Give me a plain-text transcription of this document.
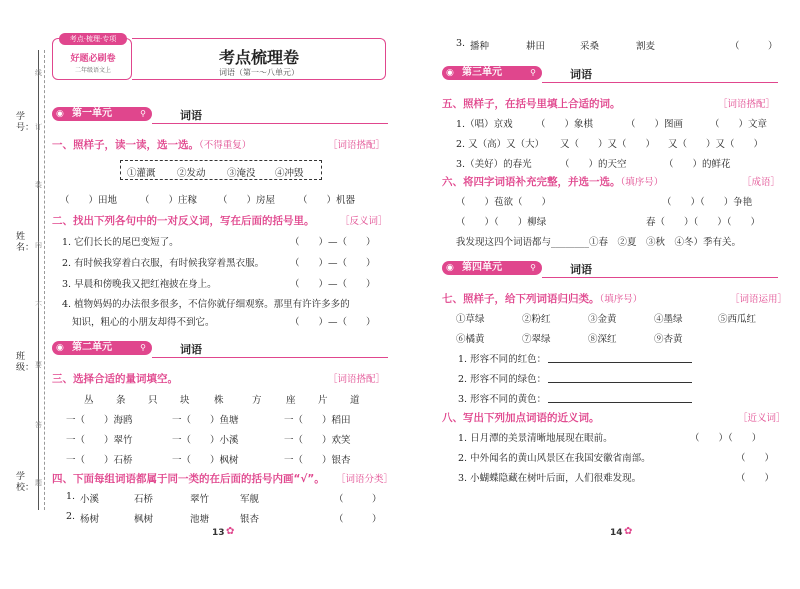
学号：
姓名：
班级：
学校：
线
订
装
内
不
要
答
题
考点·梳理·专项
好题必刷卷
二年级语文上
考点梳理卷
词语（第一～八单元）
◉ 第一单元	⚲	词语
一、照样子，读一读，选一选。（不得重复）	［词语搭配］
①灌溉 ②发动 ③淹没 ④冲毁
（　　）田地 （　　）庄稼 （　　）房屋 （　　）机器
二、找出下列各句中的一对反义词，写在后面的括号里。	［反义词］
1. 它们长长的尾巴变短了。	（　　）—（　　）
2. 有时候我穿着白衣服，有时候我穿着黑衣服。	（　　）—（　　）
3. 早晨和傍晚我又把红袍披在身上。	（　　）—（　　）
4. 植物妈妈的办法很多很多，不信你就仔细观察。那里有许许多多的
知识，粗心的小朋友却得不到它。	（　　）—（　　）
◉ 第二单元	⚲	词语
三、选择合适的量词填空。	［词语搭配］
丛 条 只 块	株	方	座 片 道
一（　　）海鸥	一（　　）鱼塘	一（　　）稻田
一（　　）翠竹	一（　　）小溪	一（　　）欢笑
一（　　）石桥	一（　　）枫树	一（　　）银杏
四、下面每组词语都属于同一类的在后面的括号内画“√”。 ［词语分类］
1. 小溪	石桥	翠竹	军舰	（　　　）
2. 杨树	枫树	池塘	银杏	（　　　）
13 ✿
3. 播种	耕田	采桑	割麦	（　　　）
◉ 第三单元	⚲	词语
五、照样子，在括号里填上合适的词。	［词语搭配］
1.（唱）京戏 （　　）象棋	（　　）图画	（　　）文章
2. 又（高）又（大） 又（　　）又（　　） 又（　　）又（　　）
3.（美好）的春光	（　　）的天空	（　　）的鲜花
六、将四字词语补充完整，并选一选。（填序号）	［成语］
（　　）苞欲（　　）	（　　）（　　）争艳
（　　）（　　）柳绿	春（　　）（　　）（　　）
我发现这四个词语都与________①春　②夏　③秋　④冬）季有关。
◉ 第四单元	⚲	词语
七、照样子，给下列词语归归类。（填序号）	［词语运用］
①草绿	②粉红	③金黄	④墨绿	⑤西瓜红
⑥橘黄	⑦翠绿	⑧深红	⑨杏黄
1. 形容不同的红色：
2. 形容不同的绿色：
3. 形容不同的黄色：
八、写出下列加点词语的近义词。	［近义词］
1. 日月潭的美景清晰地展现在眼前。	（　　）（　　）
2. 中外闻名的黄山风景区在我国安徽省南部。	（　　）
3. 小蝴蝶隐藏在树叶后面，人们很难发现。	（　　）
14 ✿
